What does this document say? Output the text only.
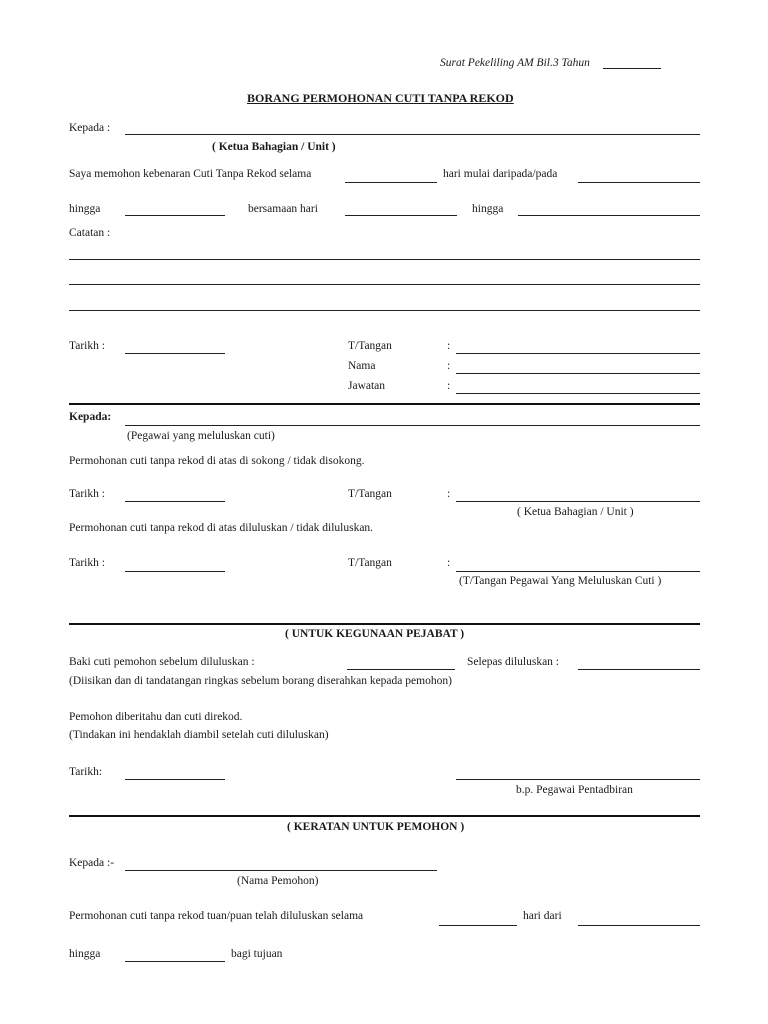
Surat Pekeliling AM Bil.3 Tahun
BORANG PERMOHONAN CUTI TANPA REKOD
Kepada :
( Ketua Bahagian / Unit )
Saya memohon kebenaran Cuti Tanpa Rekod selama	hari mulai daripada/pada
hingga	bersamaan hari	hingga
Catatan :
Tarikh :	T/Tangan	:
Nama	:
Jawatan	:
Kepada:
(Pegawai yang meluluskan cuti)
Permohonan cuti tanpa rekod di atas di sokong / tidak disokong.
Tarikh :	T/Tangan	:
( Ketua Bahagian / Unit )
Permohonan cuti tanpa rekod di atas diluluskan / tidak diluluskan.
Tarikh :	T/Tangan	:
(T/Tangan Pegawai Yang Meluluskan Cuti )
( UNTUK KEGUNAAN PEJABAT )
Baki cuti pemohon sebelum diluluskan :	Selepas diluluskan :
(Diisikan dan di tandatangan ringkas sebelum borang diserahkan kepada pemohon)
Pemohon diberitahu dan cuti direkod.
(Tindakan ini hendaklah diambil setelah cuti diluluskan)
Tarikh:
b.p. Pegawai Pentadbiran
( KERATAN UNTUK PEMOHON )
Kepada :-
(Nama Pemohon)
Permohonan cuti tanpa rekod tuan/puan telah diluluskan selama	hari dari
hingga	bagi tujuan
